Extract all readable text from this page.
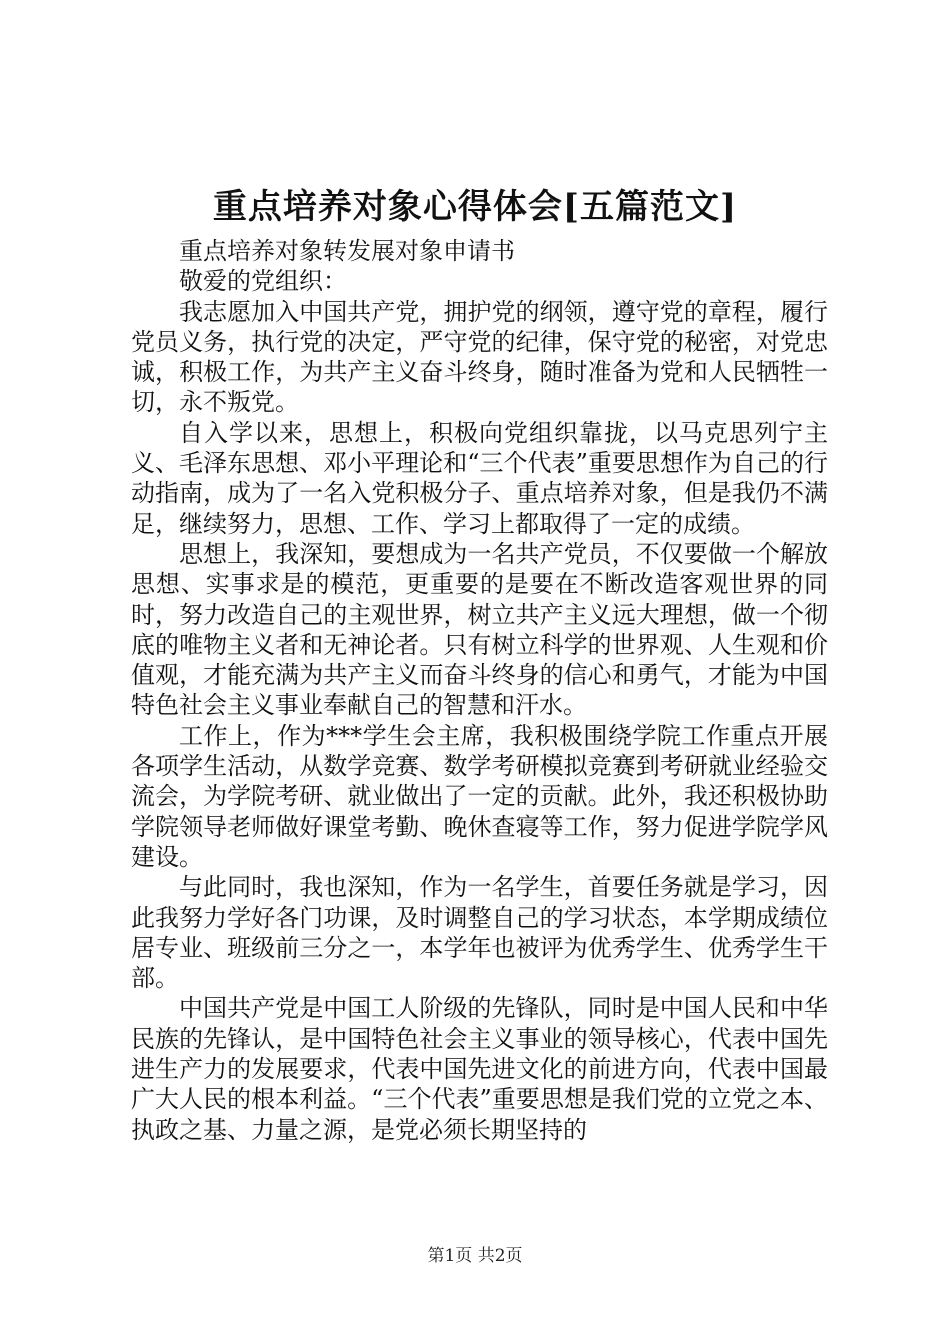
重点培养对象心得体会[五篇范文]

重点培养对象转发展对象申请书

敬爱的党组织：

我志愿加入中国共产党，拥护党的纲领，遵守党的章程，履行党员义务，执行党的决定，严守党的纪律，保守党的秘密，对党忠诚，积极工作，为共产主义奋斗终身，随时准备为党和人民牺牲一切，永不叛党。

自入学以来，思想上，积极向党组织靠拢，以马克思列宁主义、毛泽东思想、邓小平理论和“三个代表”重要思想作为自己的行动指南，成为了一名入党积极分子、重点培养对象，但是我仍不满足，继续努力，思想、工作、学习上都取得了一定的成绩。

思想上，我深知，要想成为一名共产党员，不仅要做一个解放思想、实事求是的模范，更重要的是要在不断改造客观世界的同时，努力改造自己的主观世界，树立共产主义远大理想，做一个彻底的唯物主义者和无神论者。只有树立科学的世界观、人生观和价值观，才能充满为共产主义而奋斗终身的信心和勇气，才能为中国特色社会主义事业奉献自己的智慧和汗水。

工作上，作为***学生会主席，我积极围绕学院工作重点开展各项学生活动，从数学竞赛、数学考研模拟竞赛到考研就业经验交流会，为学院考研、就业做出了一定的贡献。此外，我还积极协助学院领导老师做好课堂考勤、晚休查寝等工作，努力促进学院学风建设。

与此同时，我也深知，作为一名学生，首要任务就是学习，因此我努力学好各门功课，及时调整自己的学习状态，本学期成绩位居专业、班级前三分之一，本学年也被评为优秀学生、优秀学生干部。

中国共产党是中国工人阶级的先锋队，同时是中国人民和中华民族的先锋认，是中国特色社会主义事业的领导核心，代表中国先进生产力的发展要求，代表中国先进文化的前进方向，代表中国最广大人民的根本利益。“三个代表”重要思想是我们党的立党之本、执政之基、力量之源，是党必须长期坚持的

第1页 共2页
